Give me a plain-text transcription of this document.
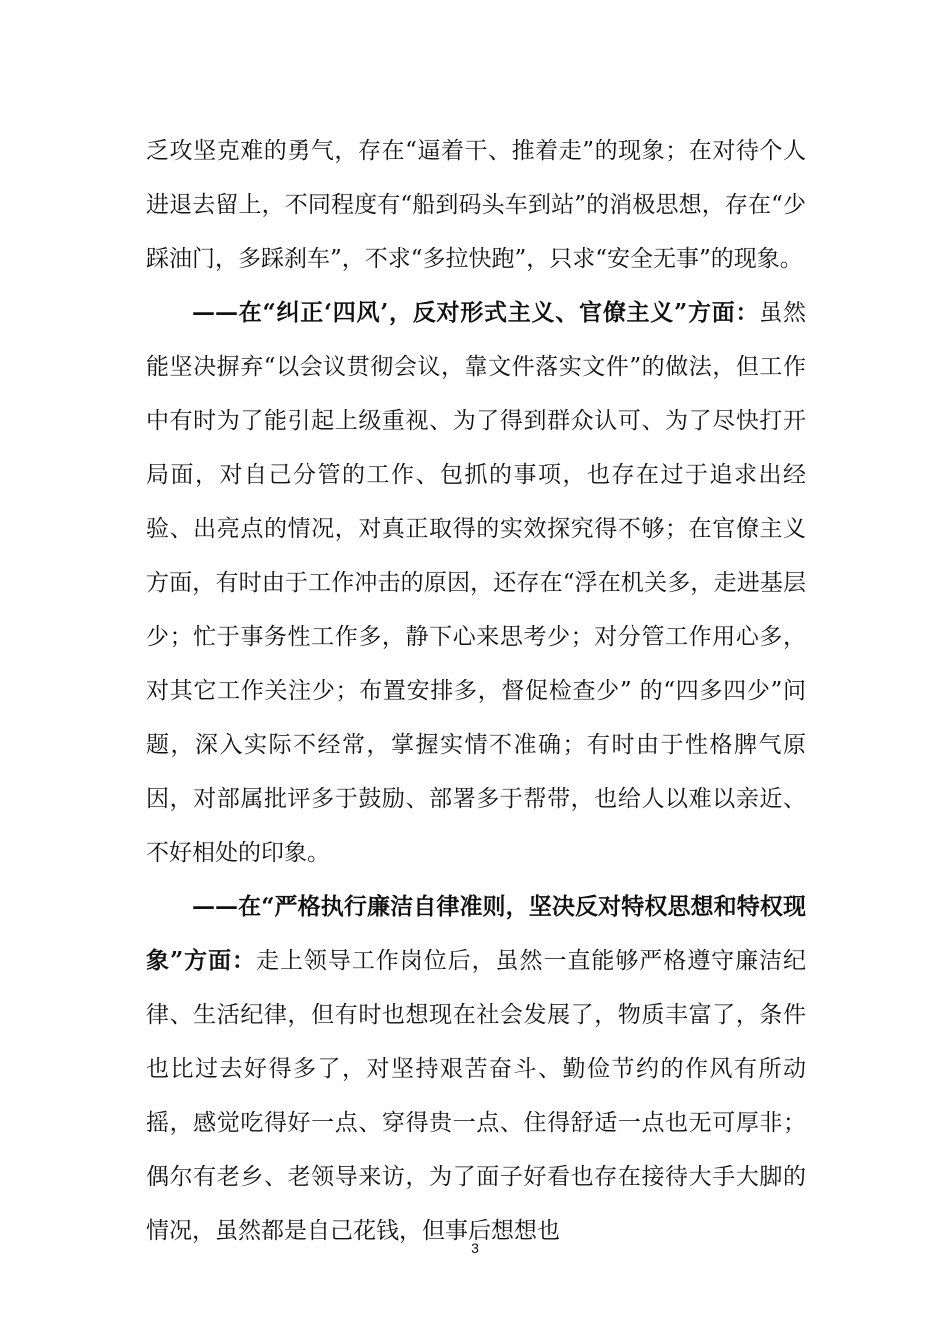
乏攻坚克难的勇气，存在“逼着干、推着走”的现象；在对待个人进退去留上，不同程度有“船到码头车到站”的消极思想，存在“少踩油门，多踩刹车”，不求“多拉快跑”，只求“安全无事”的现象。

——在“纠正‘四风’，反对形式主义、官僚主义”方面：虽然能坚决摒弃“以会议贯彻会议，靠文件落实文件”的做法，但工作中有时为了能引起上级重视、为了得到群众认可、为了尽快打开局面，对自己分管的工作、包抓的事项，也存在过于追求出经验、出亮点的情况，对真正取得的实效探究得不够；在官僚主义方面，有时由于工作冲击的原因，还存在“浮在机关多，走进基层少；忙于事务性工作多，静下心来思考少；对分管工作用心多，对其它工作关注少；布置安排多，督促检查少” 的“四多四少”问题，深入实际不经常，掌握实情不准确；有时由于性格脾气原因，对部属批评多于鼓励、部署多于帮带，也给人以难以亲近、不好相处的印象。

——在“严格执行廉洁自律准则，坚决反对特权思想和特权现象”方面：走上领导工作岗位后，虽然一直能够严格遵守廉洁纪律、生活纪律，但有时也想现在社会发展了，物质丰富了，条件也比过去好得多了，对坚持艰苦奋斗、勤俭节约的作风有所动摇，感觉吃得好一点、穿得贵一点、住得舒适一点也无可厚非；偶尔有老乡、老领导来访，为了面子好看也存在接待大手大脚的情况，虽然都是自己花钱，但事后想想也

3
